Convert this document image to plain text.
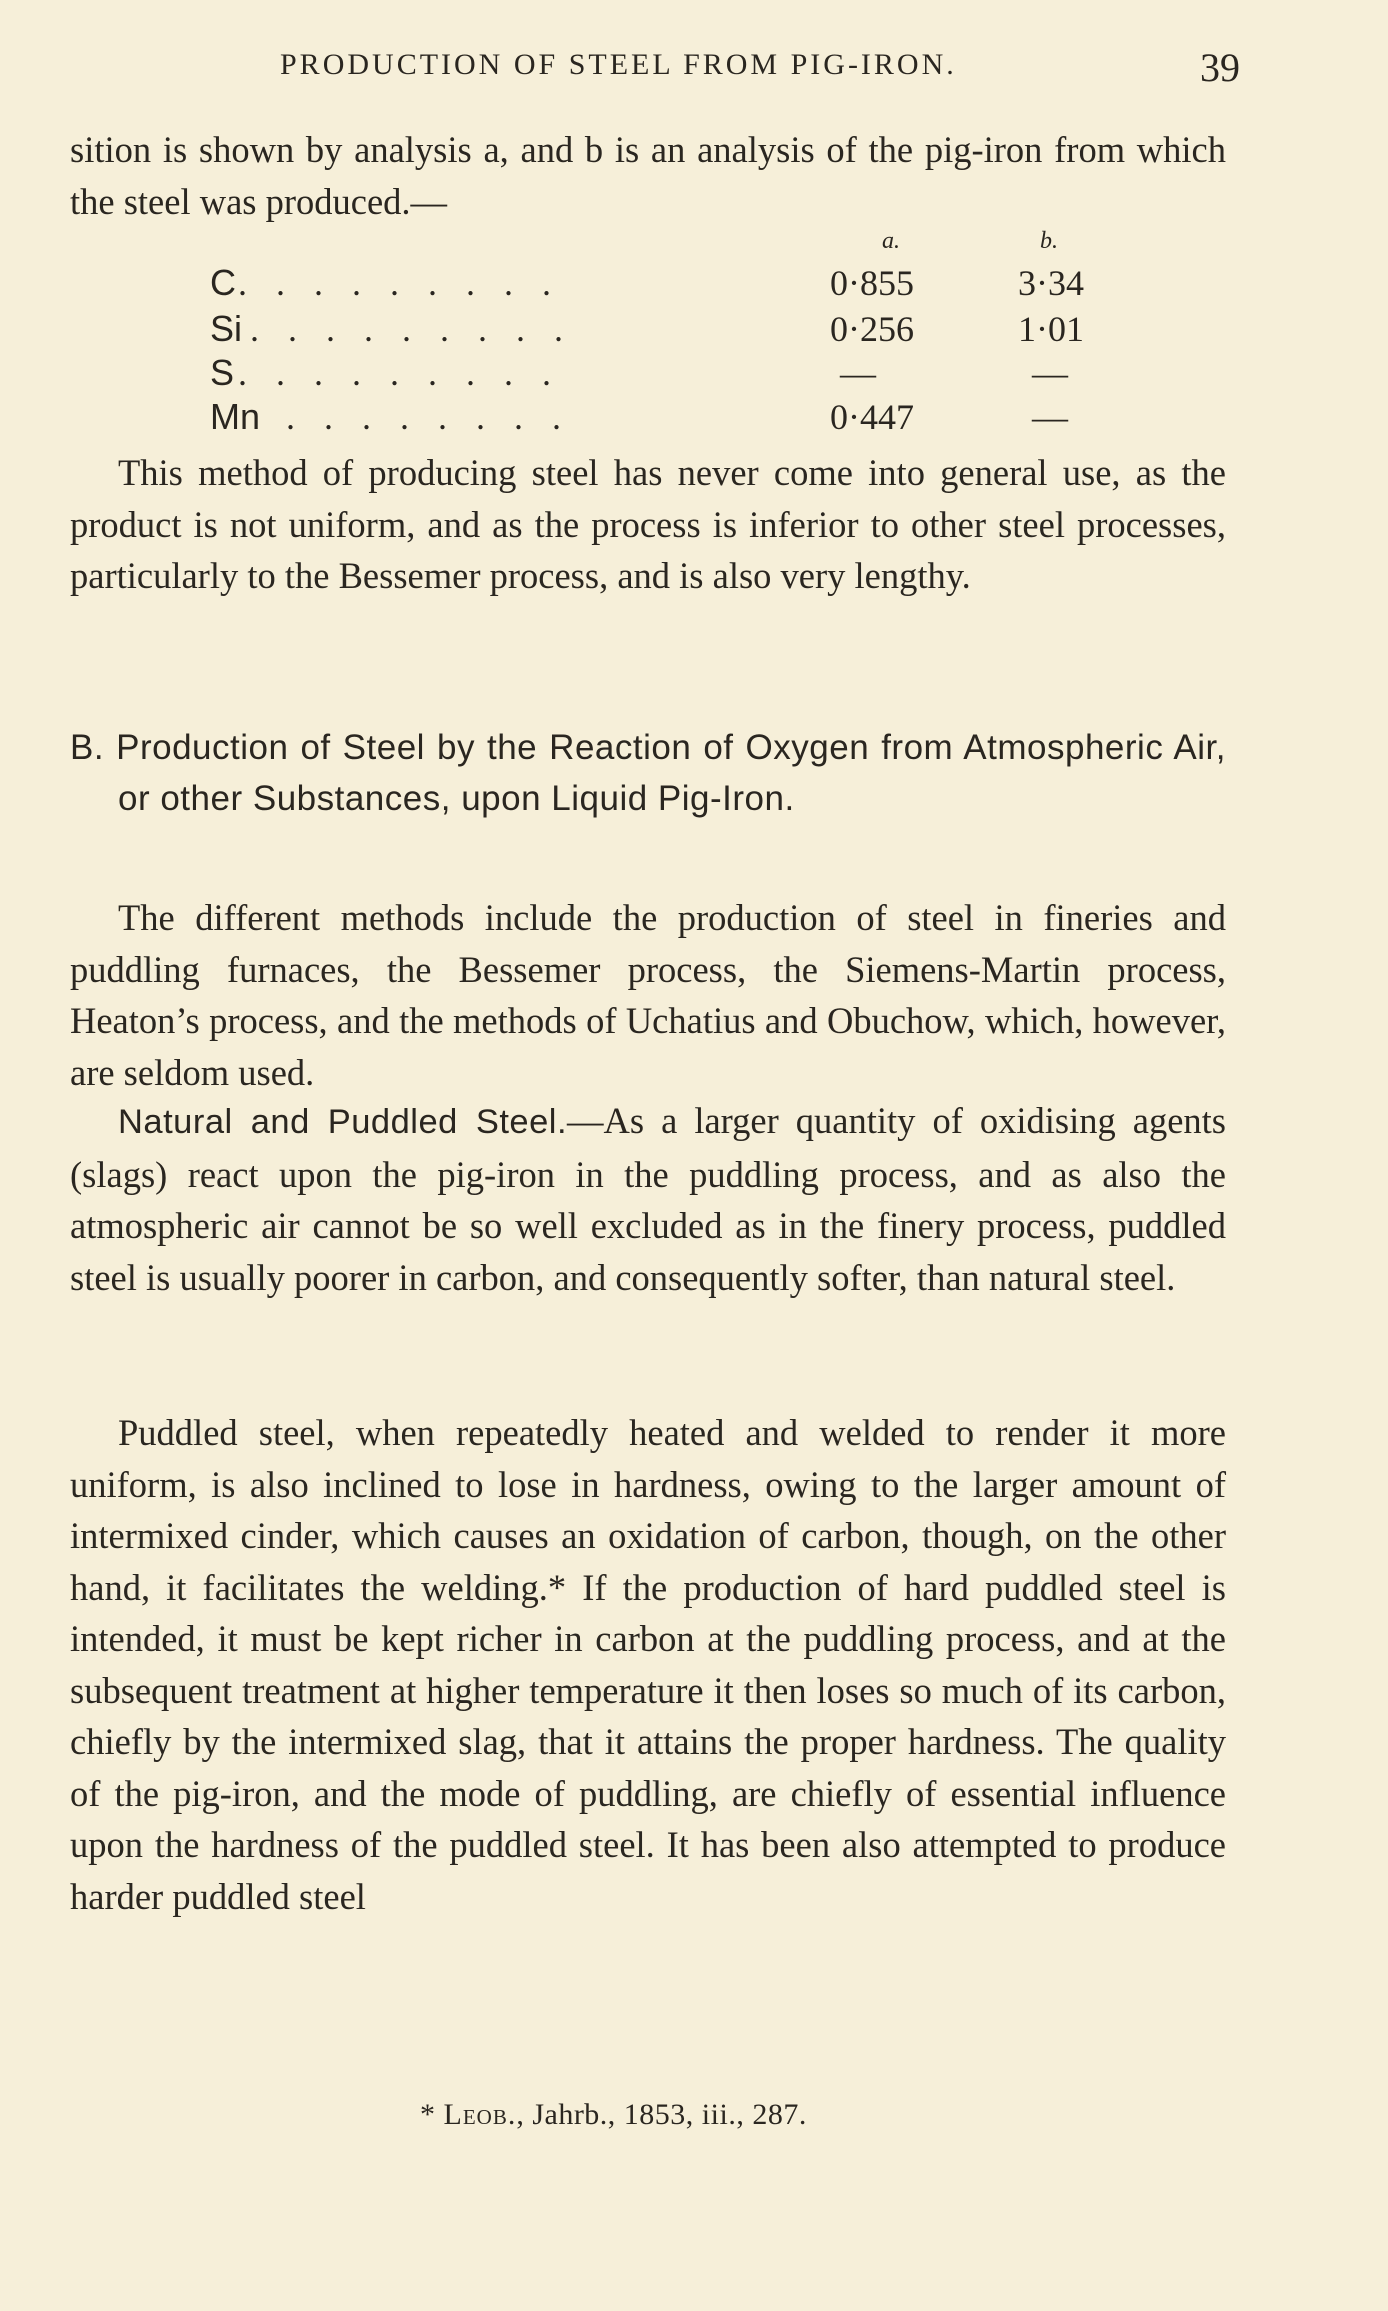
PRODUCTION OF STEEL FROM PIG-IRON.	39

sition is shown by analysis a, and b is an analysis of the pig-iron from which the steel was produced.—

a.	b.
C . . . . . . . . .	0·855	3·34
Si . . . . . . . . .	0·256	1·01
S . . . . . . . . .	—	—
Mn . . . . . . . .	0·447	—

This method of producing steel has never come into general use, as the product is not uniform, and as the process is inferior to other steel processes, particularly to the Bessemer process, and is also very lengthy.

B. Production of Steel by the Reaction of Oxygen from Atmospheric Air, or other Substances, upon Liquid Pig-Iron.

The different methods include the production of steel in fineries and puddling furnaces, the Bessemer process, the Siemens-Martin process, Heaton’s process, and the methods of Uchatius and Obuchow, which, however, are seldom used.

Natural and Puddled Steel.—As a larger quantity of oxidising agents (slags) react upon the pig-iron in the puddling process, and as also the atmospheric air cannot be so well excluded as in the finery process, puddled steel is usually poorer in carbon, and consequently softer, than natural steel.

Puddled steel, when repeatedly heated and welded to render it more uniform, is also inclined to lose in hardness, owing to the larger amount of intermixed cinder, which causes an oxidation of carbon, though, on the other hand, it facilitates the welding.* If the production of hard puddled steel is intended, it must be kept richer in carbon at the puddling process, and at the subsequent treatment at higher temperature it then loses so much of its carbon, chiefly by the intermixed slag, that it attains the proper hardness. The quality of the pig-iron, and the mode of puddling, are chiefly of essential influence upon the hardness of the puddled steel. It has been also attempted to produce harder puddled steel

* Leob., Jahrb., 1853, iii., 287.
